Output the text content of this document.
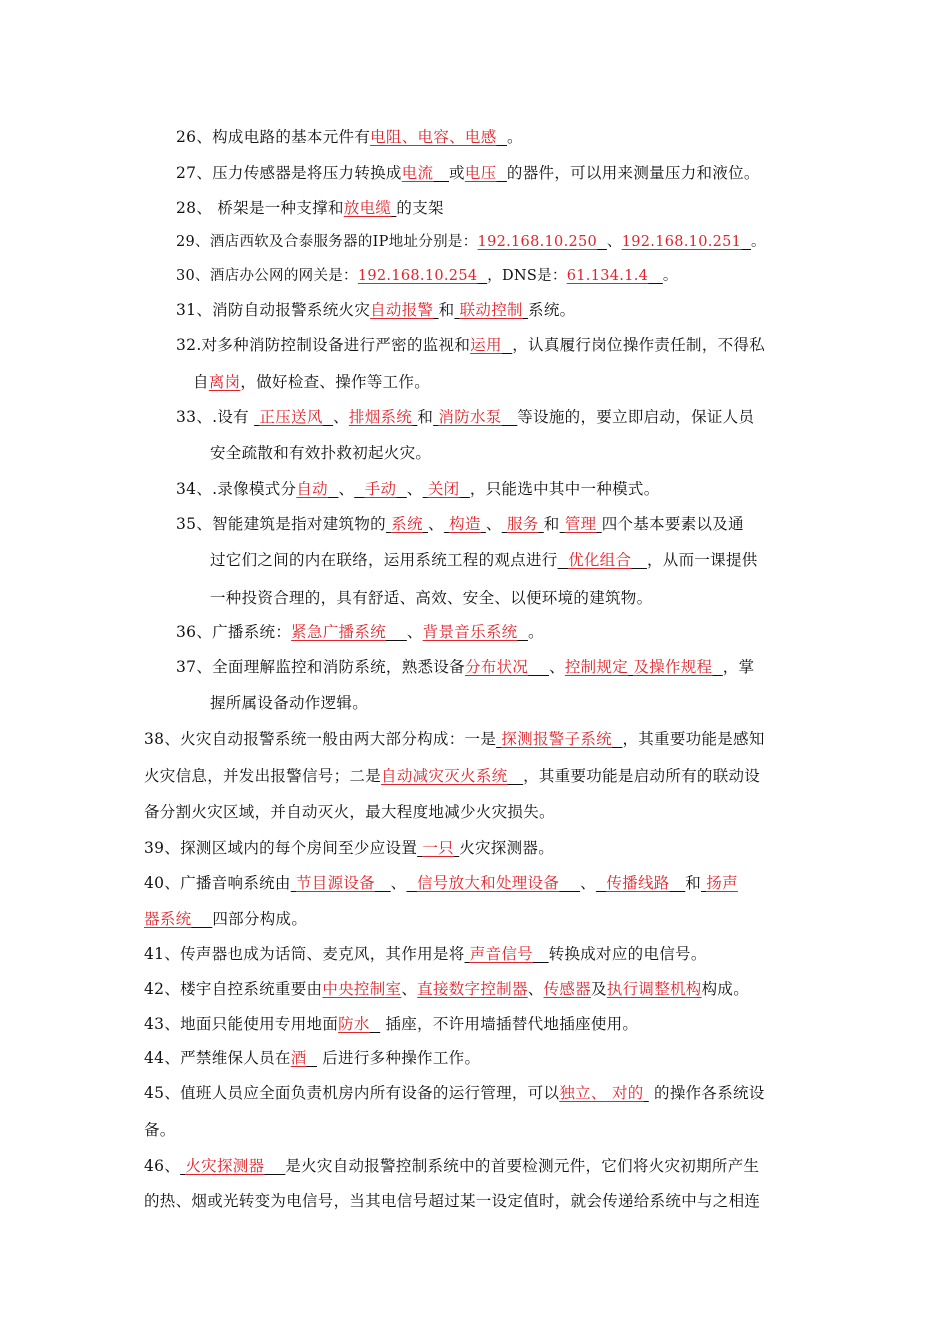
26、构成电路的基本元件有电阻、电容、电感 。
27、压力传感器是将压力转换成电流 或电压 的器件，可以用来测量压力和液位。
28、 桥架是一种支撑和放电缆 的支架
29、酒店西软及合泰服务器的IP地址分别是：192.168.10.250 、192.168.10.251 。
30、酒店办公网的网关是：192.168.10.254 ，DNS是：61.134.1.4 。
31、消防自动报警系统火灾自动报警 和 联动控制 系统。
32.对多种消防控制设备进行严密的监视和运用 ，认真履行岗位操作责任制，不得私
自离岗，做好检查、操作等工作。
33、.设有  正压送风 、排烟系统 和 消防水泵 等设施的，要立即启动，保证人员
安全疏散和有效扑救初起火灾。
34、.录像模式分自动 、 手动 、 关闭 ，只能选中其中一种模式。
35、智能建筑是指对建筑物的 系统 、 构造 、 服务 和 管理 四个基本要素以及通
过它们之间的内在联络，运用系统工程的观点进行 优化组合 ，从而一课提供
一种投资合理的，具有舒适、高效、安全、以便环境的建筑物。
36、广播系统：紧急广播系统 、背景音乐系统 。
37、全面理解监控和消防系统，熟悉设备分布状况 、控制规定 及操作规程 ，掌
握所属设备动作逻辑。
38、火灾自动报警系统一般由两大部分构成：一是 探测报警子系统 ，其重要功能是感知
火灾信息，并发出报警信号；二是自动减灾灭火系统 ，其重要功能是启动所有的联动设
备分割火灾区域，并自动灭火，最大程度地减少火灾损失。
39、探测区域内的每个房间至少应设置 一只 火灾探测器。
40、广播音响系统由 节目源设备 、 信号放大和处理设备 、 传播线路 和 扬声
器系统 四部分构成。
41、传声器也成为话筒、麦克风，其作用是将 声音信号 转换成对应的电信号。
42、楼宇自控系统重要由中央控制室、直接数字控制器、传感器及执行调整机构构成。
43、地面只能使用专用地面防水   插座，不许用墙插替代地插座使用。
44、严禁维保人员在酒   后进行多种操作工作。
45、值班人员应全面负责机房内所有设备的运行管理，可以独立、 对的  的操作各系统设
备。
46、 火灾探测器 是火灾自动报警控制系统中的首要检测元件，它们将火灾初期所产生
的热、烟或光转变为电信号，当其电信号超过某一设定值时，就会传递给系统中与之相连
